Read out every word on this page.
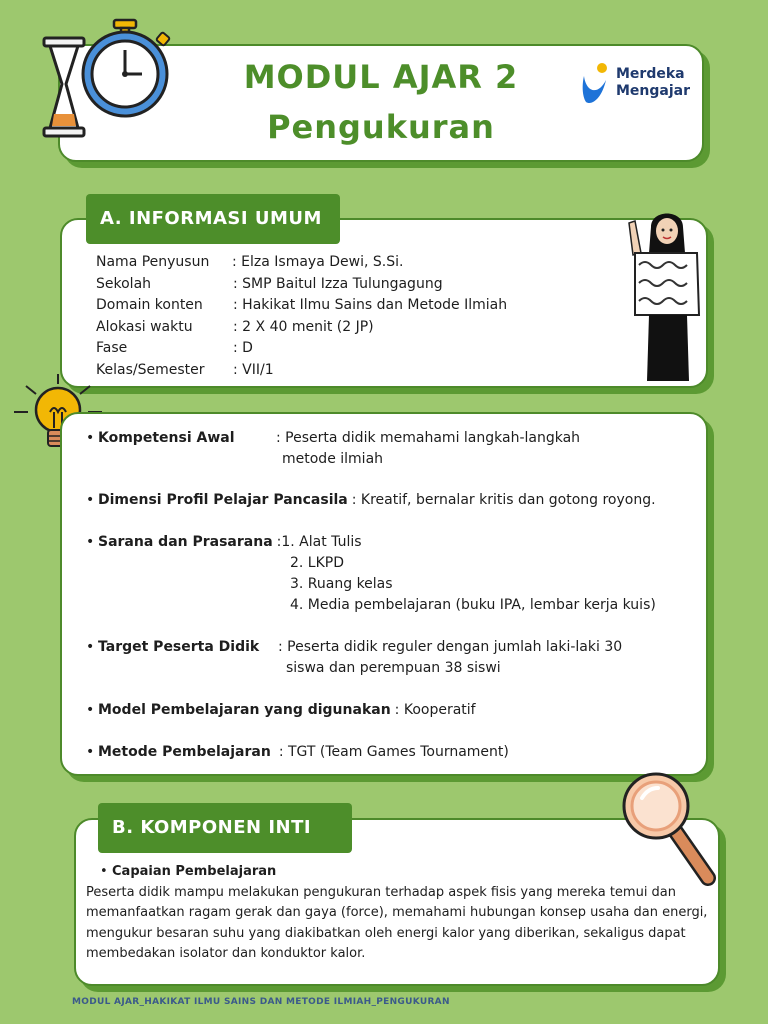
MODUL AJAR 2
Pengukuran
Merdeka
Mengajar
A. INFORMASI UMUM
Nama Penyusun	: Elza Ismaya Dewi, S.Si.
Sekolah	: SMP Baitul Izza Tulungagung
Domain konten	: Hakikat Ilmu Sains dan Metode Ilmiah
Alokasi waktu	: 2 X 40 menit (2 JP)
Fase	: D
Kelas/Semester	: VII/1
• Kompetensi Awal	: Peserta didik memahami langkah-langkah
metode ilmiah
• Dimensi Profil Pelajar Pancasila : Kreatif, bernalar kritis dan gotong royong.
• Sarana dan Prasarana : 1. Alat Tulis
2. LKPD
3. Ruang kelas
4. Media pembelajaran (buku IPA, lembar kerja kuis)
• Target Peserta Didik	: Peserta didik reguler dengan jumlah laki-laki 30
siswa dan perempuan 38 siswi
• Model Pembelajaran yang digunakan : Kooperatif
• Metode Pembelajaran : TGT (Team Games Tournament)
B. KOMPONEN INTI
• Capaian Pembelajaran

Peserta didik mampu melakukan pengukuran terhadap aspek fisis yang mereka temui dan memanfaatkan ragam gerak dan gaya (force), memahami hubungan konsep usaha dan energi, mengukur besaran suhu yang diakibatkan oleh energi kalor yang diberikan, sekaligus dapat membedakan isolator dan konduktor kalor.

MODUL AJAR_HAKIKAT ILMU SAINS DAN METODE ILMIAH_PENGUKURAN
